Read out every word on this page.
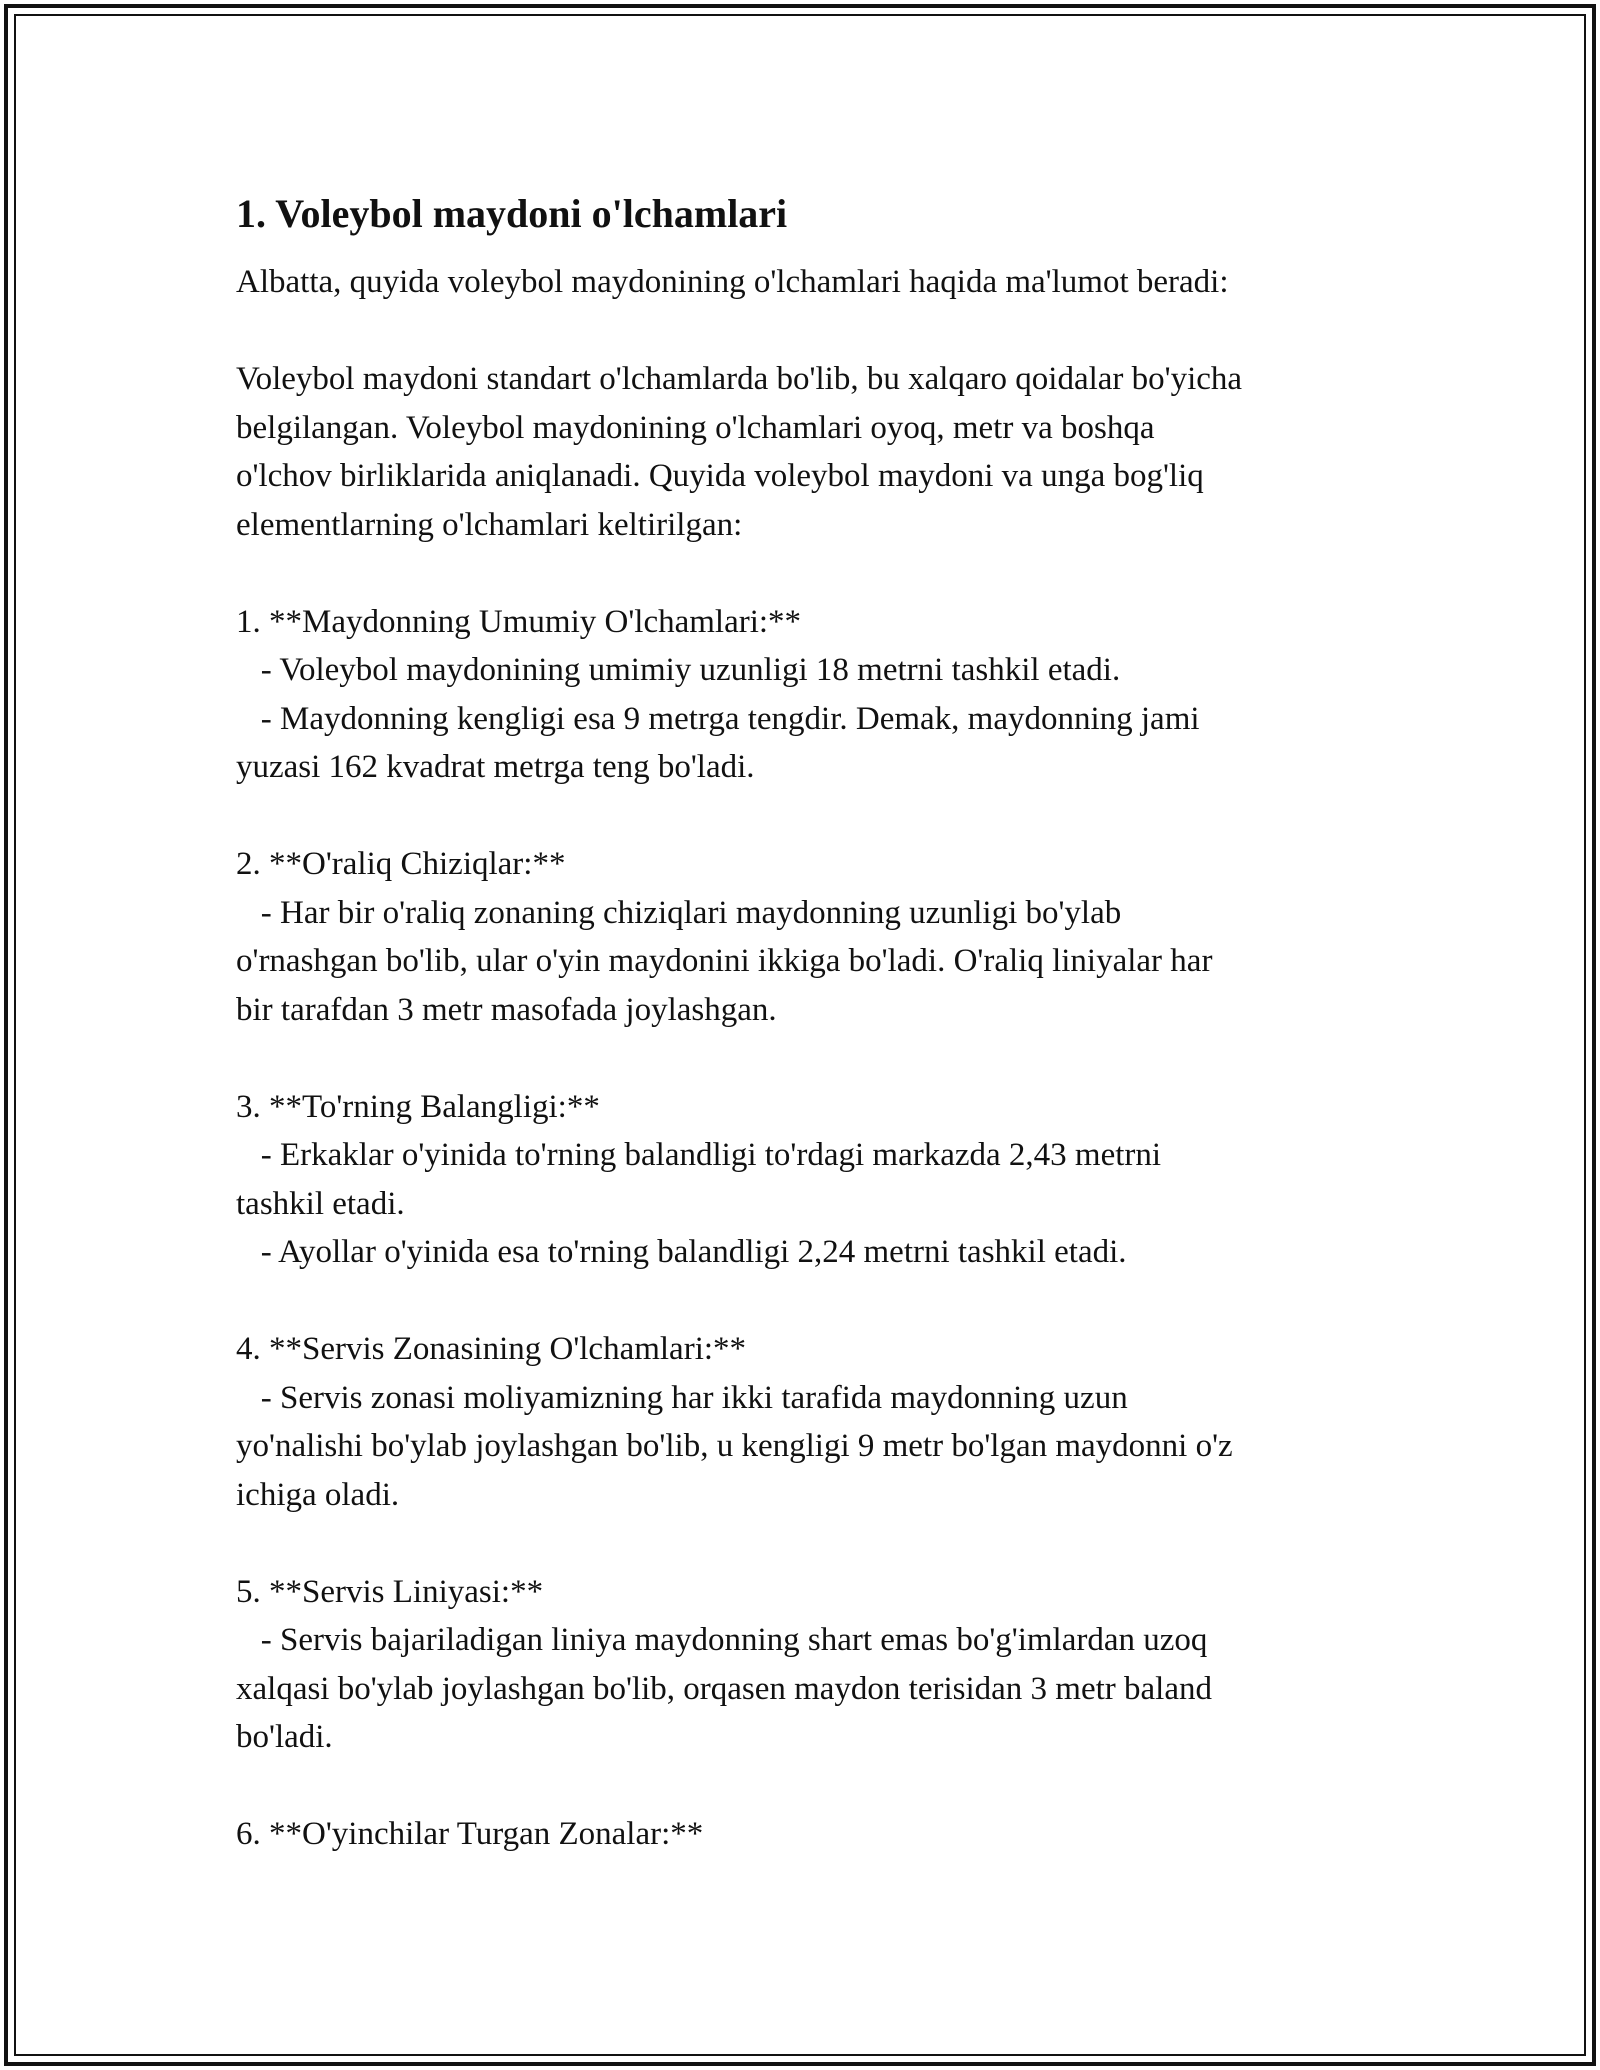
1. Voleybol maydoni o'lchamlari
Albatta, quyida voleybol maydonining o'lchamlari haqida ma'lumot beradi:
Voleybol maydoni standart o'lchamlarda bo'lib, bu xalqaro qoidalar bo'yicha
belgilangan. Voleybol maydonining o'lchamlari oyoq, metr va boshqa
o'lchov birliklarida aniqlanadi. Quyida voleybol maydoni va unga bog'liq
elementlarning o'lchamlari keltirilgan:
1. **Maydonning Umumiy O'lchamlari:**
- Voleybol maydonining umimiy uzunligi 18 metrni tashkil etadi.
- Maydonning kengligi esa 9 metrga tengdir. Demak, maydonning jami
yuzasi 162 kvadrat metrga teng bo'ladi.
2. **O'raliq Chiziqlar:**
- Har bir o'raliq zonaning chiziqlari maydonning uzunligi bo'ylab
o'rnashgan bo'lib, ular o'yin maydonini ikkiga bo'ladi. O'raliq liniyalar har
bir tarafdan 3 metr masofada joylashgan.
3. **To'rning Balangligi:**
- Erkaklar o'yinida to'rning balandligi to'rdagi markazda 2,43 metrni
tashkil etadi.
- Ayollar o'yinida esa to'rning balandligi 2,24 metrni tashkil etadi.
4. **Servis Zonasining O'lchamlari:**
- Servis zonasi moliyamizning har ikki tarafida maydonning uzun
yo'nalishi bo'ylab joylashgan bo'lib, u kengligi 9 metr bo'lgan maydonni o'z
ichiga oladi.
5. **Servis Liniyasi:**
- Servis bajariladigan liniya maydonning shart emas bo'g'imlardan uzoq
xalqasi bo'ylab joylashgan bo'lib, orqasen maydon terisidan 3 metr baland
bo'ladi.
6. **O'yinchilar Turgan Zonalar:**
